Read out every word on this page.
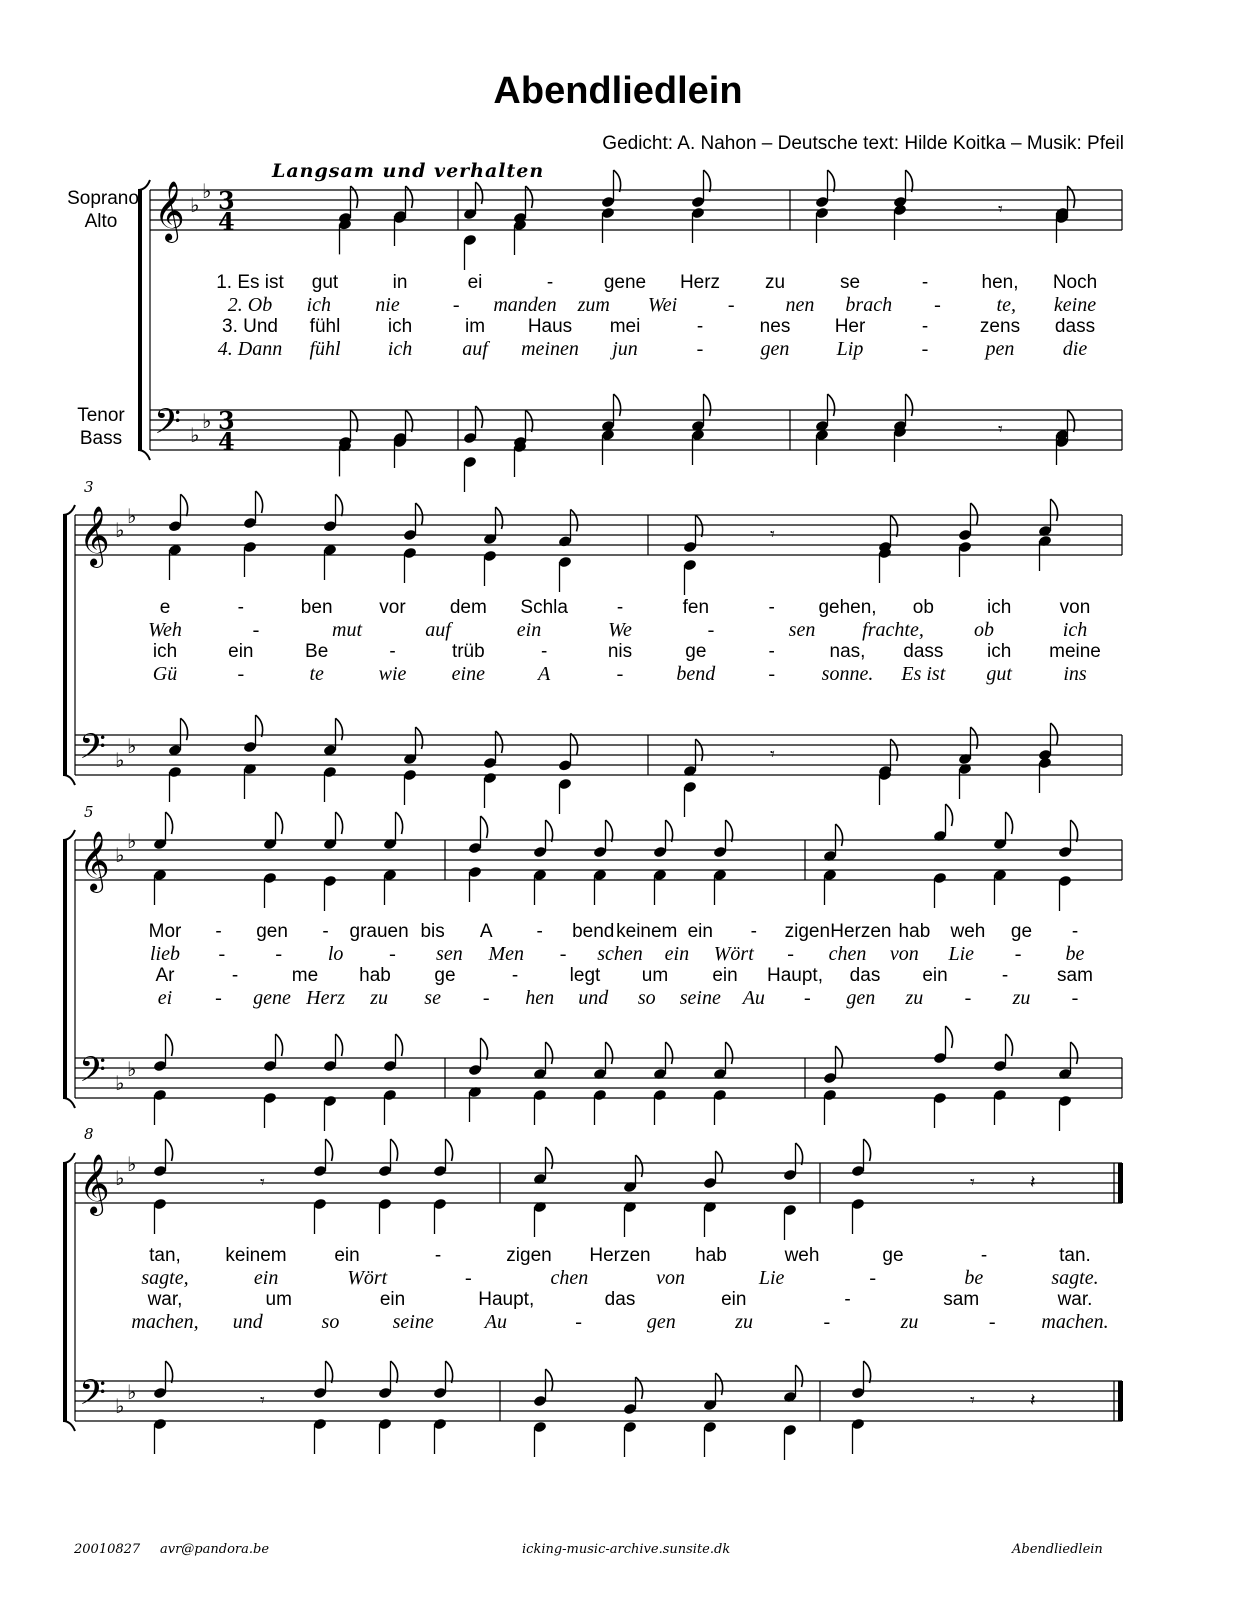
Abendliedlein
Gedicht: A. Nahon – Deutsche text: Hilde Koitka – Musik: Pfeil
Langsam und verhalten
Soprano
Alto
Tenor
Bass
3
5
8
𝄞 ♭
♭ 3
4	𝄾
𝄢 ♭
♭ 3
4	𝄾
𝄞 ♭
♭
𝄾
𝄢 ♭
♭	𝄾
𝄞 ♭
♭
𝄢 ♭
♭
𝄞 ♭
♭
𝄾	𝄾	𝄽
𝄢 ♭
♭	𝄾	𝄾	𝄽
1. Es ist gut	in	ei	-	gene Herz zu	se	-	hen, Noch
2. Ob ich nie	- manden zum Wei	-	nen brach -	te, keine
3. Und fühl	ich	im Haus mei	-	nes Her	-	zens dass
4. Dann fühl ich	auf meinen jun	-	gen Lip	-	pen die
e	-	ben vor dem Schla	-	fen	- gehen, ob	ich	von
Weh	-	mut	auf	ein	We	-	sen frachte,	ob	ich
ich	ein	Be	-	trüb	-	nis	ge	-	nas, dass ich meine
Gü	-	te	wie eine	A	-	bend	- sonne. Es ist gut	ins
Mor - gen - grauen bis A - bend keinem ein - zigen Herzen hab weh ge -
lieb -	- lo - sen Men - schen ein Wört - chen von Lie - be
Ar	-	me hab ge	-	legt um ein Haupt, das ein	-	sam
ei - gene Herz zu se - hen und so seine Au - gen zu - zu -
tan, keinem	ein	-	zigen Herzen hab	weh	ge	-	tan.
sagte,	ein	Wört	-	chen	von	Lie	-	be	sagte.
war,	um	ein	Haupt,	das	ein	-	sam	war.
machen, und	so	seine	Au	-	gen	zu	-	zu	- machen.
20010827 avr@pandora.be	icking-music-archive.sunsite.dk	Abendliedlein
